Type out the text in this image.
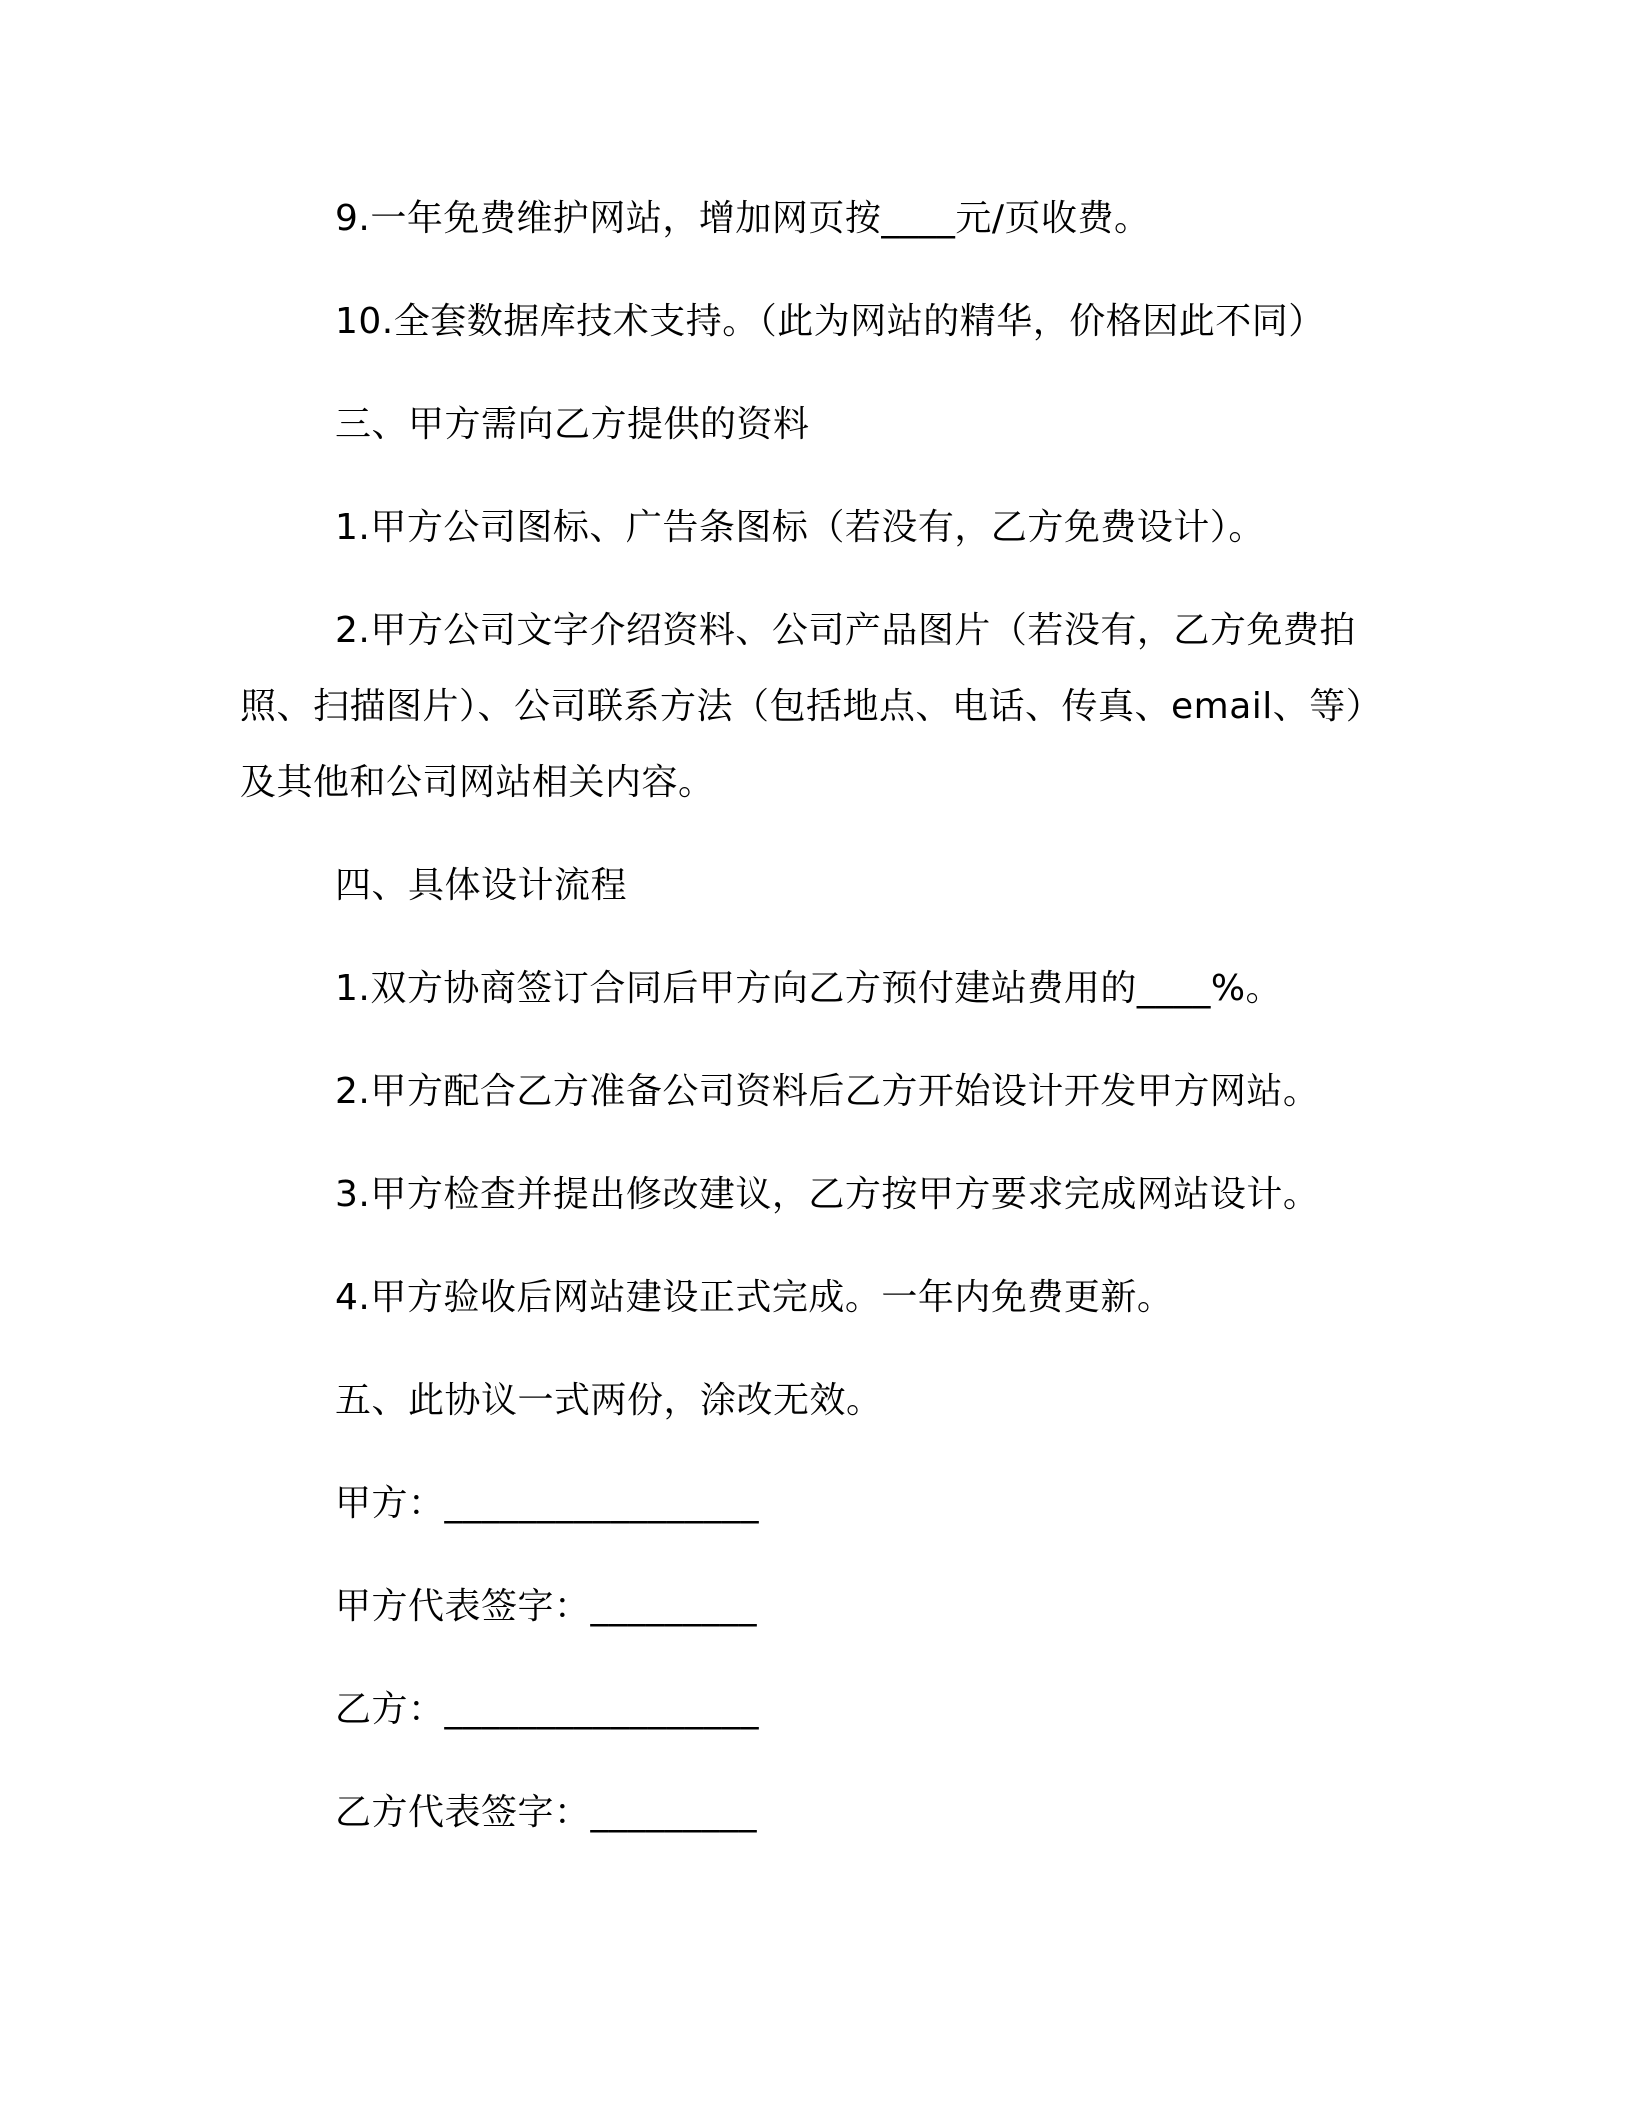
9.一年免费维护网站，增加网页按____元/页收费。
10.全套数据库技术支持。（此为网站的精华，价格因此不同）
三、甲方需向乙方提供的资料
1.甲方公司图标、广告条图标（若没有，乙方免费设计）。
2.甲方公司文字介绍资料、公司产品图片（若没有，乙方免费拍
照、扫描图片）、公司联系方法（包括地点、电话、传真、email、等）
及其他和公司网站相关内容。
四、具体设计流程
1.双方协商签订合同后甲方向乙方预付建站费用的____%。
2.甲方配合乙方准备公司资料后乙方开始设计开发甲方网站。
3.甲方检查并提出修改建议，乙方按甲方要求完成网站设计。
4.甲方验收后网站建设正式完成。一年内免费更新。
五、此协议一式两份，涂改无效。
甲方：_________________
甲方代表签字：_________
乙方：_________________
乙方代表签字：_________
